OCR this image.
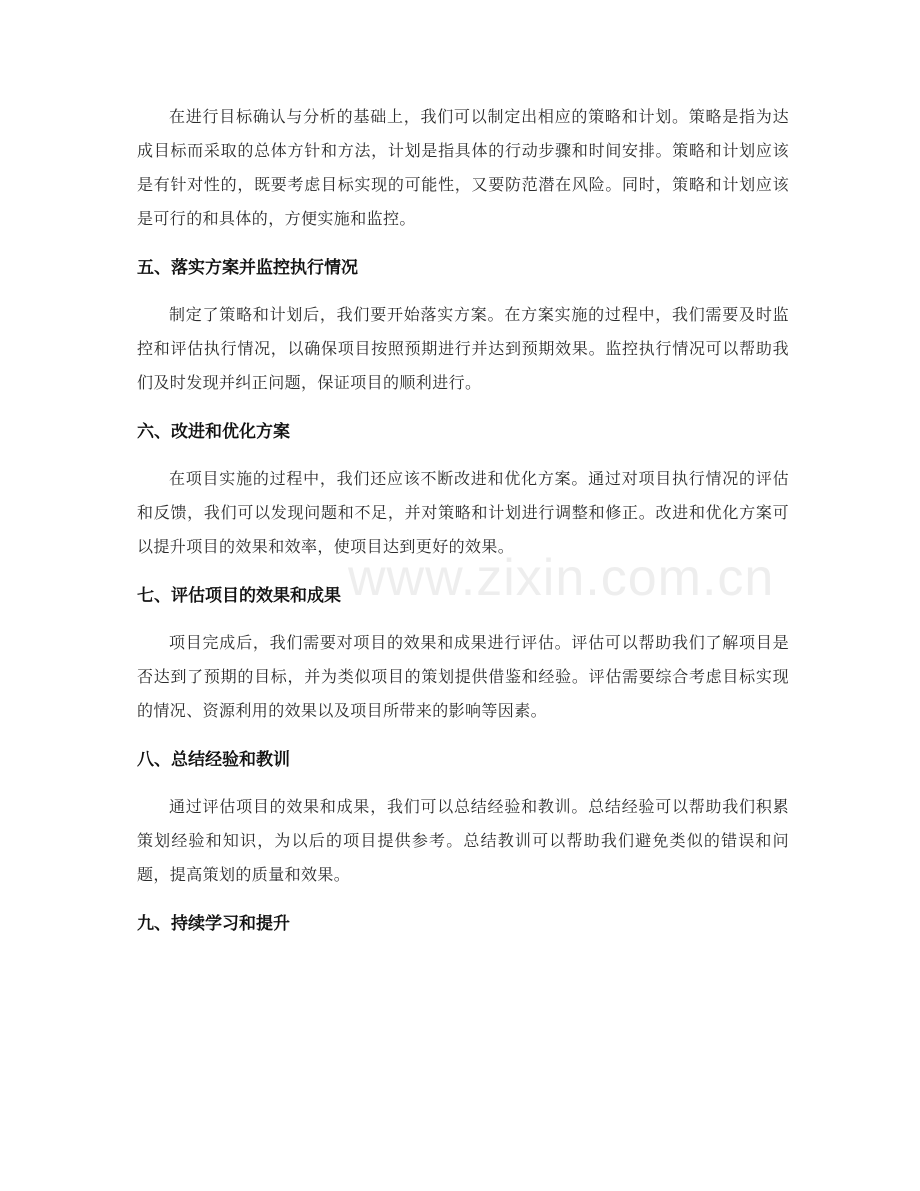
在进行目标确认与分析的基础上，我们可以制定出相应的策略和计划。策略是指为达成目标而采取的总体方针和方法，计划是指具体的行动步骤和时间安排。策略和计划应该是有针对性的，既要考虑目标实现的可能性，又要防范潜在风险。同时，策略和计划应该是可行的和具体的，方便实施和监控。

五、落实方案并监控执行情况

制定了策略和计划后，我们要开始落实方案。在方案实施的过程中，我们需要及时监控和评估执行情况，以确保项目按照预期进行并达到预期效果。监控执行情况可以帮助我们及时发现并纠正问题，保证项目的顺利进行。

六、改进和优化方案

在项目实施的过程中，我们还应该不断改进和优化方案。通过对项目执行情况的评估和反馈，我们可以发现问题和不足，并对策略和计划进行调整和修正。改进和优化方案可以提升项目的效果和效率，使项目达到更好的效果。

七、评估项目的效果和成果

项目完成后，我们需要对项目的效果和成果进行评估。评估可以帮助我们了解项目是否达到了预期的目标，并为类似项目的策划提供借鉴和经验。评估需要综合考虑目标实现的情况、资源利用的效果以及项目所带来的影响等因素。

八、总结经验和教训

通过评估项目的效果和成果，我们可以总结经验和教训。总结经验可以帮助我们积累策划经验和知识，为以后的项目提供参考。总结教训可以帮助我们避免类似的错误和问题，提高策划的质量和效果。

九、持续学习和提升
www.zixin.com.cn
